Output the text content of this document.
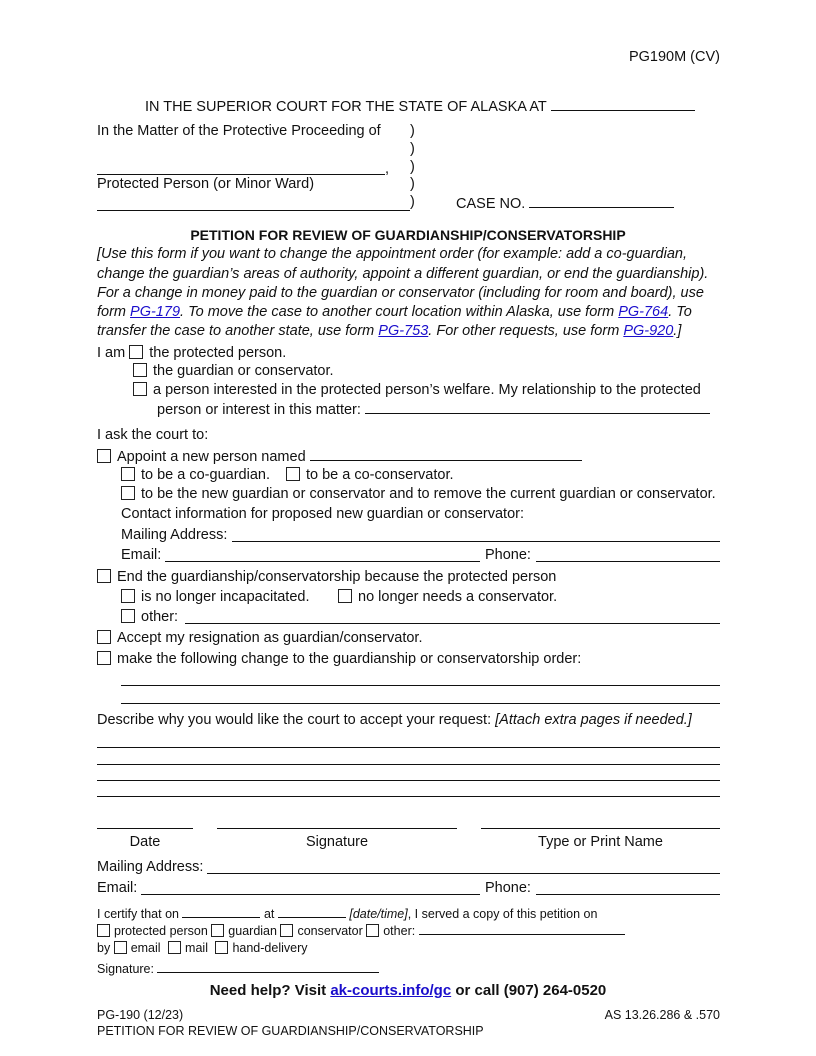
PG190M (CV)
IN THE SUPERIOR COURT FOR THE STATE OF ALASKA AT
In the Matter of the Protective Proceeding of )
)
)
)
)
,
Protected Person (or Minor Ward)
CASE NO.
PETITION FOR REVIEW OF GUARDIANSHIP/CONSERVATORSHIP
[Use this form if you want to change the appointment order (for example: add a co-guardian,
change the guardian’s areas of authority, appoint a different guardian, or end the guardianship).
For a change in money paid to the guardian or conservator (including for room and board), use
form PG-179. To move the case to another court location within Alaska, use form PG-764. To
transfer the case to another state, use form PG-753. For other requests, use form PG-920.]
I am the protected person.
the guardian or conservator.
a person interested in the protected person’s welfare. My relationship to the protected
person or interest in this matter:
I ask the court to:
Appoint a new person named
to be a co-guardian.	to be a co-conservator.
to be the new guardian or conservator and to remove the current guardian or conservator.
Contact information for proposed new guardian or conservator:
Mailing Address:
Email:	Phone:
End the guardianship/conservatorship because the protected person
is no longer incapacitated.	no longer needs a conservator.
other:
Accept my resignation as guardian/conservator.
make the following change to the guardianship or conservatorship order:
Describe why you would like the court to accept your request: [Attach extra pages if needed.]
Date	Signature	Type or Print Name
Mailing Address:
Email:	Phone:
I certify that on	at	[date/time], I served a copy of this petition on
protected person guardian conservator other:
by email mail hand-delivery
Signature:
Need help? Visit ak-courts.info/gc or call (907) 264-0520
PG-190 (12/23)	AS 13.26.286 & .570
PETITION FOR REVIEW OF GUARDIANSHIP/CONSERVATORSHIP
